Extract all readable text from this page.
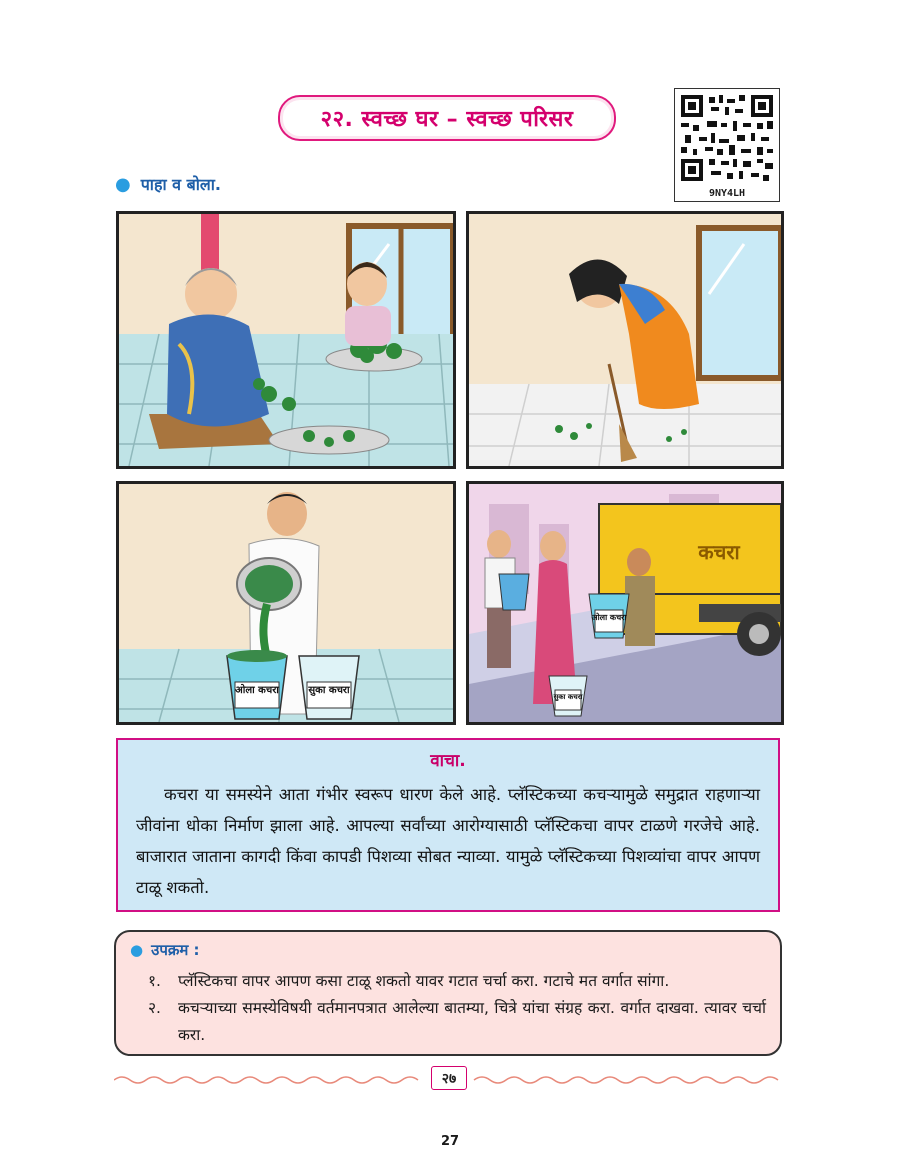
२२. स्वच्छ घर – स्वच्छ परिसर
9NY4LH
● पाहा व बोला.
ओला कचरा	सुका कचरा
कचरा
ओला कचरा
सुका कचरा
वाचा.
कचरा या समस्येने आता गंभीर स्वरूप धारण केले आहे. प्लॅस्टिकच्या कचऱ्यामुळे समुद्रात राहणाऱ्या जीवांना धोका निर्माण झाला आहे. आपल्या सर्वांच्या आरोग्यासाठी प्लॅस्टिकचा वापर टाळणे गरजेचे आहे. बाजारात जाताना कागदी किंवा कापडी पिशव्या सोबत न्याव्या. यामुळे प्लॅस्टिकच्या पिशव्यांचा वापर आपण टाळू शकतो.
● उपक्रम :
१.	प्लॅस्टिकचा वापर आपण कसा टाळू शकतो यावर गटात चर्चा करा. गटाचे मत वर्गात सांगा.
२.	कचऱ्याच्या समस्येविषयी वर्तमानपत्रात आलेल्या बातम्या, चित्रे यांचा संग्रह करा. वर्गात दाखवा. त्यावर चर्चा करा.
२७
27
